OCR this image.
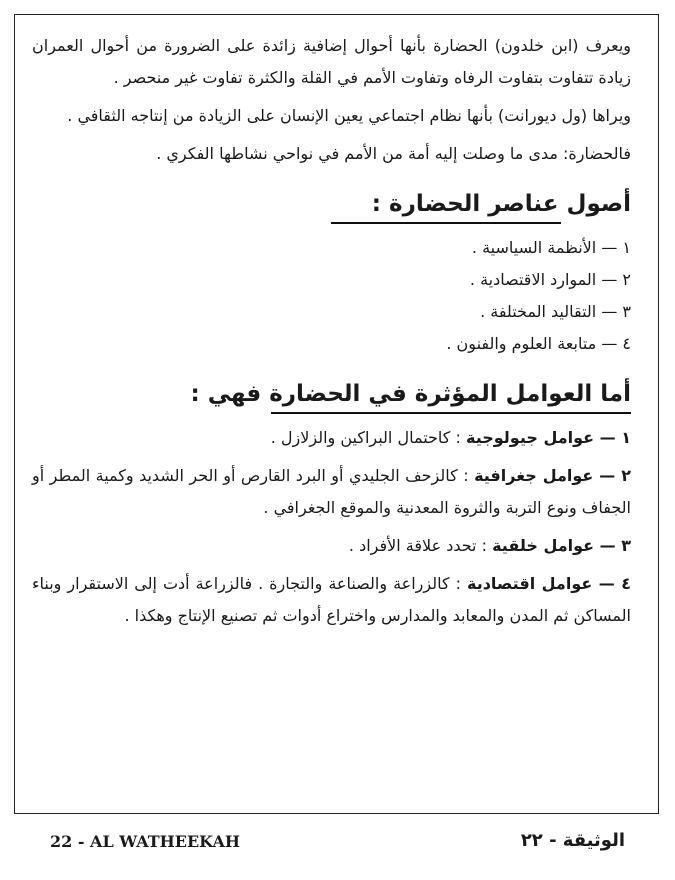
ويعرف (ابن خلدون) الحضارة بأنها أحوال إضافية زائدة على الضرورة من أحوال العمران زيادة تتفاوت بتفاوت الرفاه وتفاوت الأمم في القلة والكثرة تفاوت غير منحصر .

ويراها (ول ديورانت) بأنها نظام اجتماعي يعين الإنسان على الزيادة من إنتاجه الثقافي .

فالحضارة: مدى ما وصلت إليه أمة من الأمم في نواحي نشاطها الفكري .

أصول عناصر الحضارة :

١ — الأنظمة السياسية .

٢ — الموارد الاقتصادية .

٣ — التقاليد المختلفة .

٤ — متابعة العلوم والفنون .

أما العوامل المؤثرة في الحضارة فهي :

١ — عوامل جيولوجية : كاحتمال البراكين والزلازل .

٢ — عوامل جغرافية : كالزحف الجليدي أو البرد القارص أو الحر الشديد وكمية المطر أو الجفاف ونوع التربة والثروة المعدنية والموقع الجغرافي .

٣ — عوامل خلقية : تحدد علاقة الأفراد .

٤ — عوامل اقتصادية : كالزراعة والصناعة والتجارة . فالزراعة أدت إلى الاستقرار وبناء المساكن ثم المدن والمعابد والمدارس واختراع أدوات ثم تصنيع الإنتاج وهكذا .

22 - AL WATHEEKAH	الوثيقة - ٢٢
